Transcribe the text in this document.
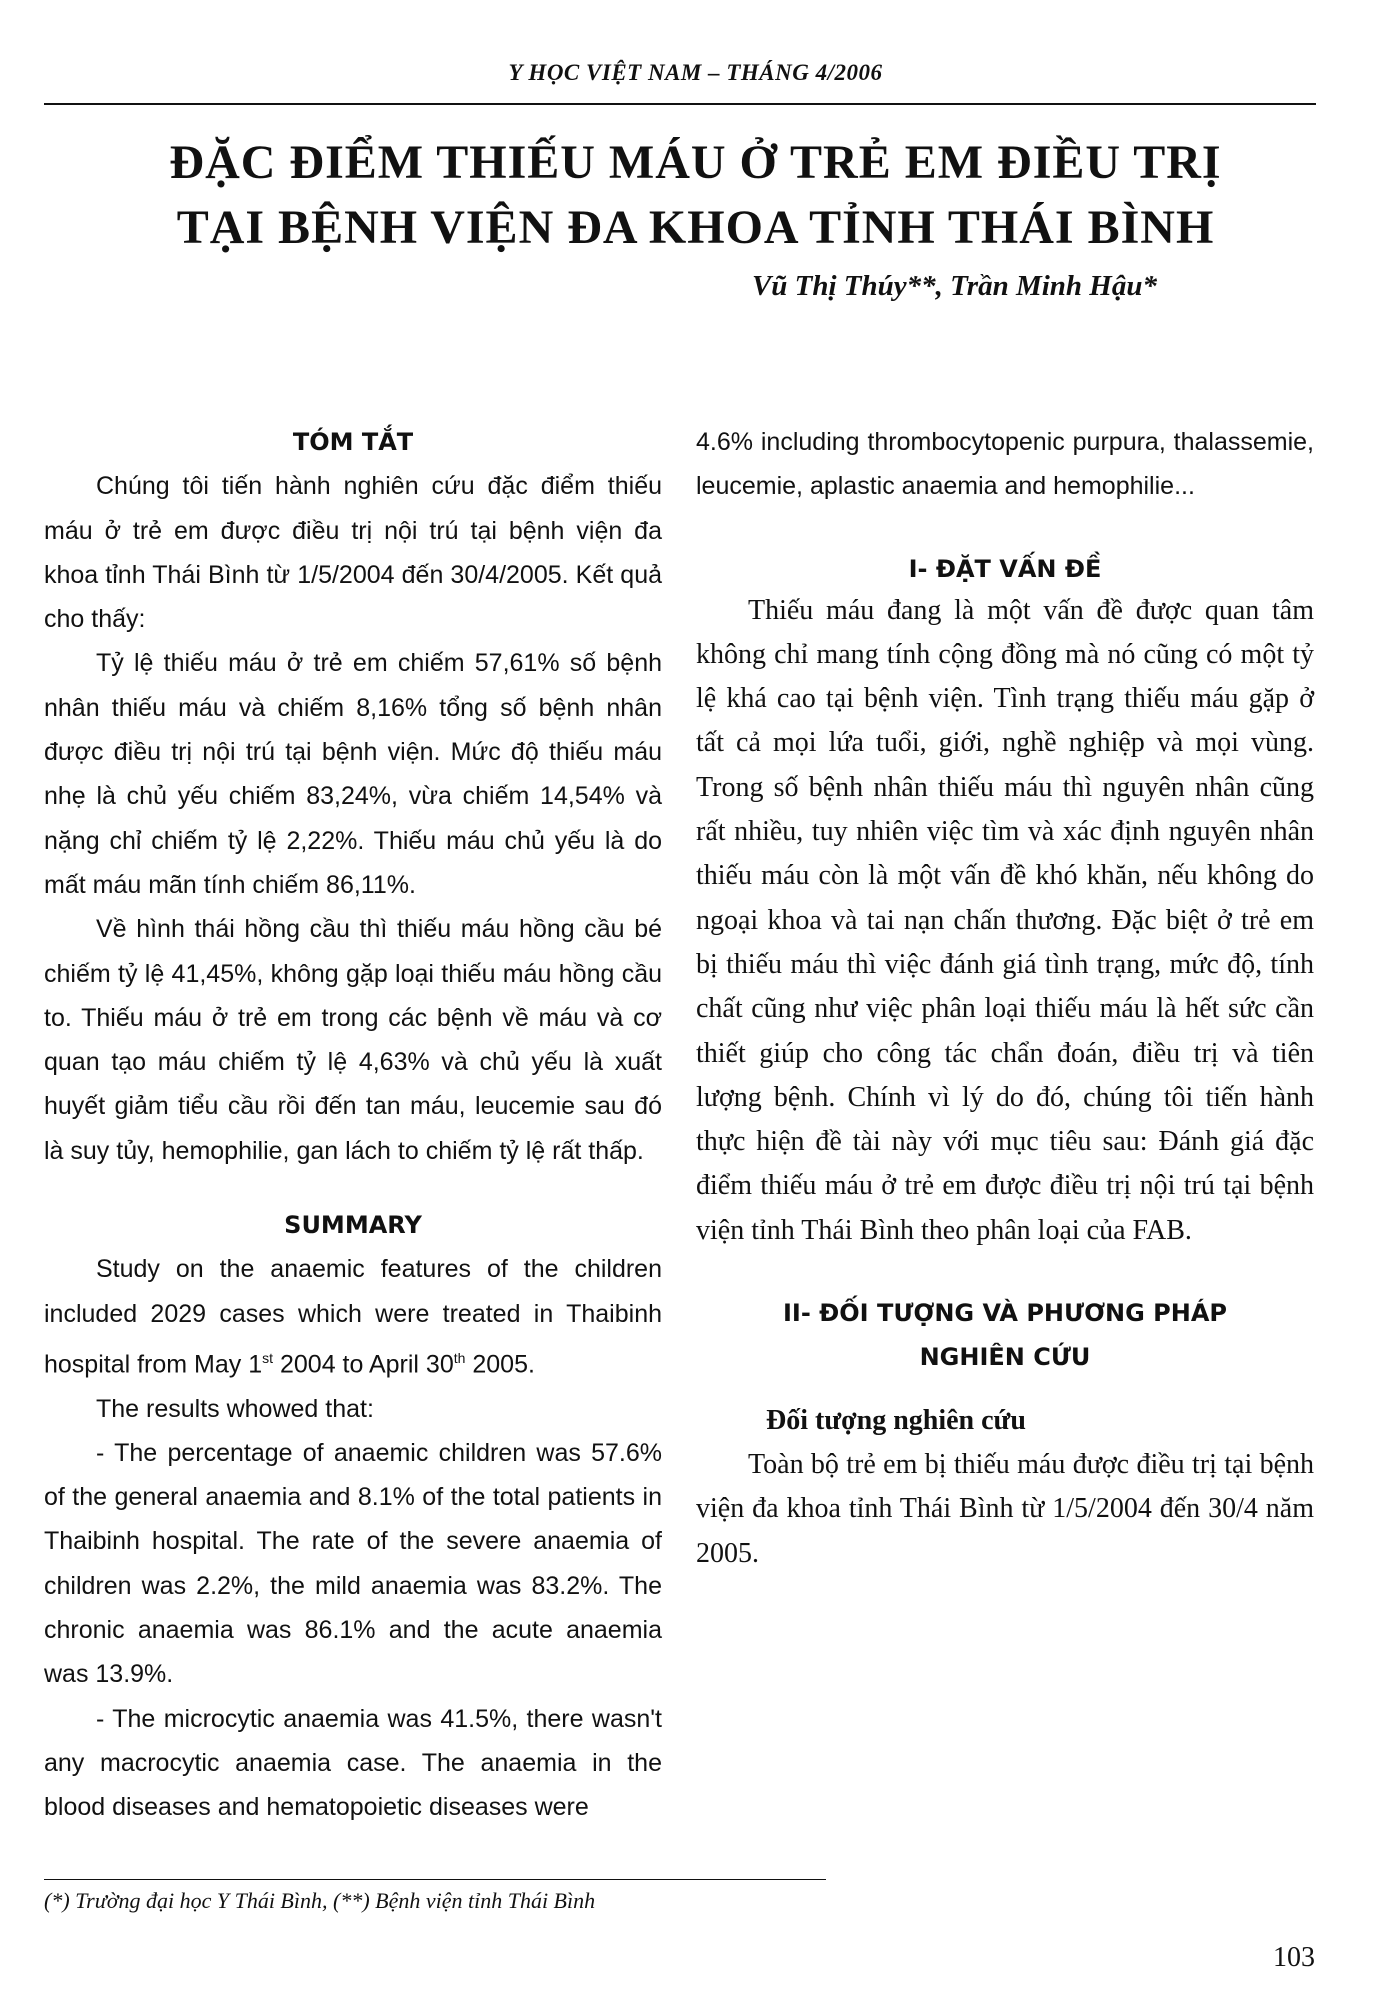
Y HỌC VIỆT NAM – THÁNG 4/2006
ĐẶC ĐIỂM THIẾU MÁU Ở TRẺ EM ĐIỀU TRỊ
TẠI BỆNH VIỆN ĐA KHOA TỈNH THÁI BÌNH
Vũ Thị Thúy**, Trần Minh Hậu*
TÓM TẮT

Chúng tôi tiến hành nghiên cứu đặc điểm thiếu máu ở trẻ em được điều trị nội trú tại bệnh viện đa khoa tỉnh Thái Bình từ 1/5/2004 đến 30/4/2005. Kết quả cho thấy:

Tỷ lệ thiếu máu ở trẻ em chiếm 57,61% số bệnh nhân thiếu máu và chiếm 8,16% tổng số bệnh nhân được điều trị nội trú tại bệnh viện. Mức độ thiếu máu nhẹ là chủ yếu chiếm 83,24%, vừa chiếm 14,54% và nặng chỉ chiếm tỷ lệ 2,22%. Thiếu máu chủ yếu là do mất máu mãn tính chiếm 86,11%.

Về hình thái hồng cầu thì thiếu máu hồng cầu bé chiếm tỷ lệ 41,45%, không gặp loại thiếu máu hồng cầu to. Thiếu máu ở trẻ em trong các bệnh về máu và cơ quan tạo máu chiếm tỷ lệ 4,63% và chủ yếu là xuất huyết giảm tiểu cầu rồi đến tan máu, leucemie sau đó là suy tủy, hemophilie, gan lách to chiếm tỷ lệ rất thấp.

SUMMARY

Study on the anaemic features of the children included 2029 cases which were treated in Thaibinh hospital from May 1st 2004 to April 30th 2005.

The results whowed that:

- The percentage of anaemic children was 57.6% of the general anaemia and 8.1% of the total patients in Thaibinh hospital. The rate of the severe anaemia of children was 2.2%, the mild anaemia was 83.2%. The chronic anaemia was 86.1% and the acute anaemia was 13.9%.

- The microcytic anaemia was 41.5%, there wasn't any macrocytic anaemia case. The anaemia in the blood diseases and hematopoietic diseases were

4.6% including thrombocytopenic purpura, thalassemie, leucemie, aplastic anaemia and hemophilie...

I- ĐẶT VẤN ĐỀ

Thiếu máu đang là một vấn đề được quan tâm không chỉ mang tính cộng đồng mà nó cũng có một tỷ lệ khá cao tại bệnh viện. Tình trạng thiếu máu gặp ở tất cả mọi lứa tuổi, giới, nghề nghiệp và mọi vùng. Trong số bệnh nhân thiếu máu thì nguyên nhân cũng rất nhiều, tuy nhiên việc tìm và xác định nguyên nhân thiếu máu còn là một vấn đề khó khăn, nếu không do ngoại khoa và tai nạn chấn thương. Đặc biệt ở trẻ em bị thiếu máu thì việc đánh giá tình trạng, mức độ, tính chất cũng như việc phân loại thiếu máu là hết sức cần thiết giúp cho công tác chẩn đoán, điều trị và tiên lượng bệnh. Chính vì lý do đó, chúng tôi tiến hành thực hiện đề tài này với mục tiêu sau: Đánh giá đặc điểm thiếu máu ở trẻ em được điều trị nội trú tại bệnh viện tỉnh Thái Bình theo phân loại của FAB.

II- ĐỐI TƯỢNG VÀ PHƯƠNG PHÁP
NGHIÊN CỨU

Đối tượng nghiên cứu

Toàn bộ trẻ em bị thiếu máu được điều trị tại bệnh viện đa khoa tỉnh Thái Bình từ 1/5/2004 đến 30/4 năm 2005.

(*) Trường đại học Y Thái Bình, (**) Bệnh viện tỉnh Thái Bình
103
